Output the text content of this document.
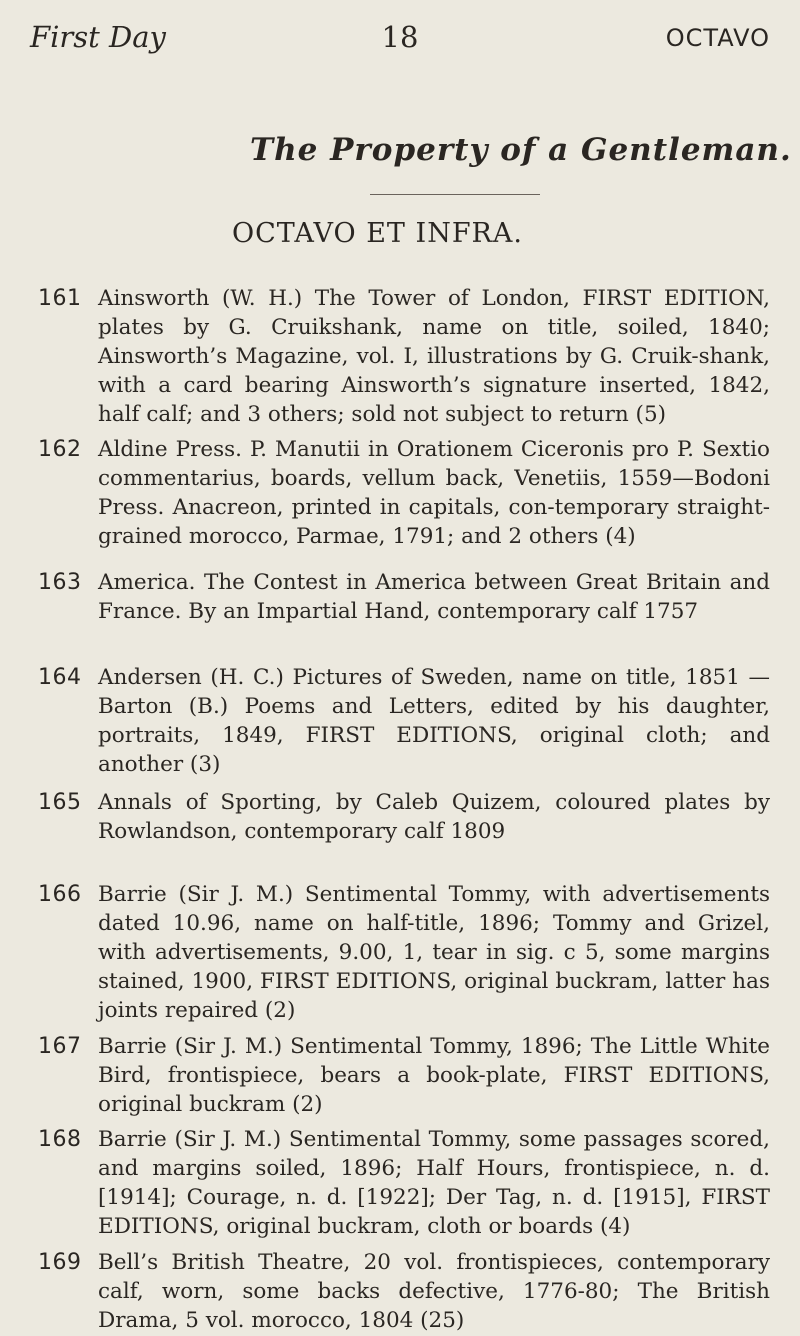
First Day	18	OCTAVO
The Property of a Gentleman.
OCTAVO ET INFRA.
161 Ainsworth (W. H.) The Tower of London, FIRST EDITION, plates by G. Cruikshank, name on title, soiled, 1840; Ainsworth’s Magazine, vol. I, illustrations by G. Cruik-shank, with a card bearing Ainsworth’s signature inserted, 1842, half calf; and 3 others; sold not subject to return (5)
162 Aldine Press. P. Manutii in Orationem Ciceronis pro P. Sextio commentarius, boards, vellum back, Venetiis, 1559—Bodoni Press. Anacreon, printed in capitals, con-temporary straight-grained morocco, Parmae, 1791; and 2 others (4)
163 America. The Contest in America between Great Britain and France. By an Impartial Hand, contemporary calf 1757
164 Andersen (H. C.) Pictures of Sweden, name on title, 1851 —Barton (B.) Poems and Letters, edited by his daughter, portraits, 1849, FIRST EDITIONS, original cloth; and another (3)
165 Annals of Sporting, by Caleb Quizem, coloured plates by Rowlandson, contemporary calf 1809
166 Barrie (Sir J. M.) Sentimental Tommy, with advertisements dated 10.96, name on half-title, 1896; Tommy and Grizel, with advertisements, 9.00, 1, tear in sig. c 5, some margins stained, 1900, FIRST EDITIONS, original buckram, latter has joints repaired (2)
167 Barrie (Sir J. M.) Sentimental Tommy, 1896; The Little White Bird, frontispiece, bears a book-plate, FIRST EDITIONS, original buckram (2)
168 Barrie (Sir J. M.) Sentimental Tommy, some passages scored, and margins soiled, 1896; Half Hours, frontispiece, n. d. [1914]; Courage, n. d. [1922]; Der Tag, n. d. [1915], FIRST EDITIONS, original buckram, cloth or boards (4)
169 Bell’s British Theatre, 20 vol. frontispieces, contemporary calf, worn, some backs defective, 1776-80; The British Drama, 5 vol. morocco, 1804 (25)
